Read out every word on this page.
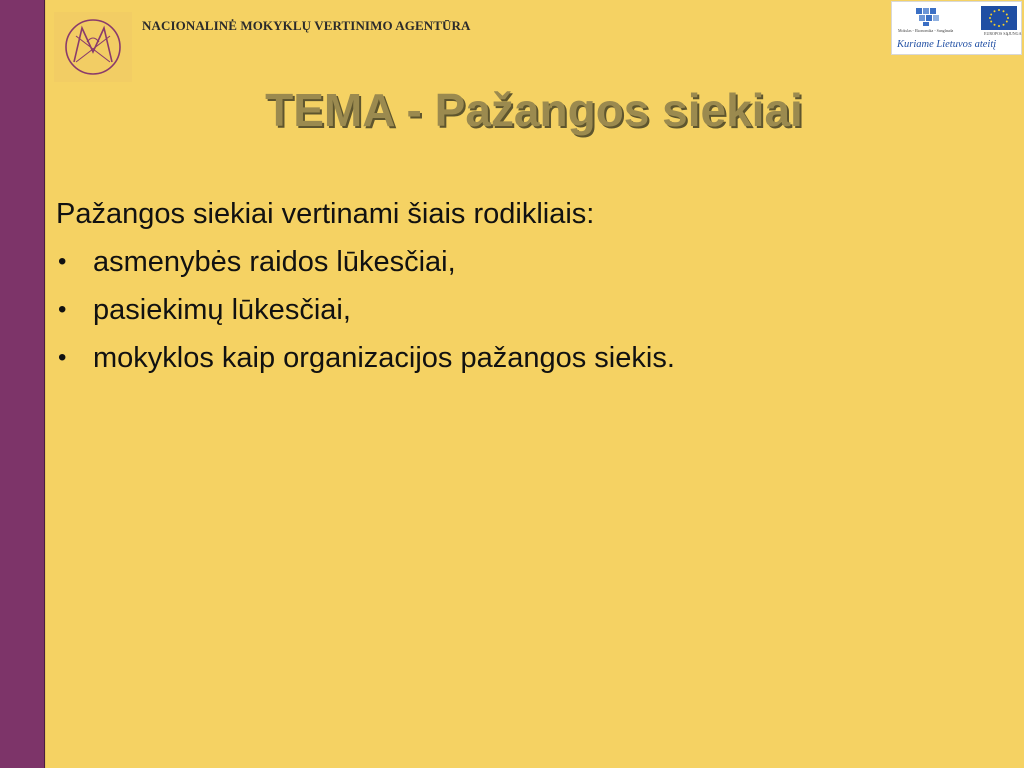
NACIONALINĖ MOKYKLŲ VERTINIMO AGENTŪRA	Mokslas - Ekonomika - Sanglauda
EUROPOS SĄJUNGA
Kuriame Lietuvos ateitį
TEMA - Pažangos siekiai

Pažangos siekiai vertinami šiais rodikliais:

• asmenybės raidos lūkesčiai,
• pasiekimų lūkesčiai,
• mokyklos kaip organizacijos pažangos siekis.
